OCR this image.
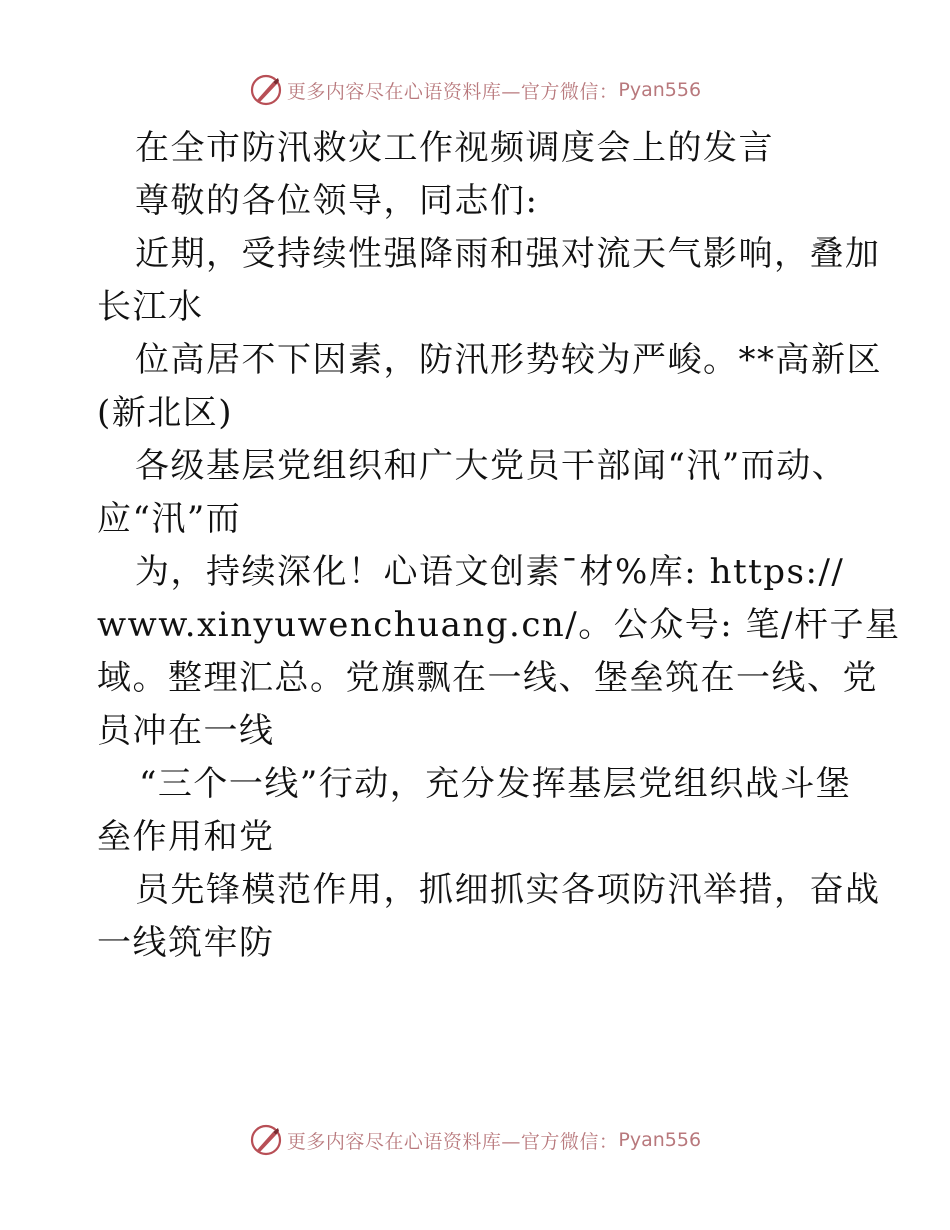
更多内容尽在心语资料库—官方微信： Pyan556
在全市防汛救灾工作视频调度会上的发言
尊敬的各位领导，同志们:
近期，受持续性强降雨和强对流天气影响，叠加
长江水
位高居不下因素，防汛形势较为严峻。**高新区
(新北区)
各级基层党组织和广大党员干部闻“汛”而动、
应“汛”而
为，持续深化！心语文创素¯材%库: https://
www.xinyuwenchuang.cn/。公众号: 笔/杆子星
域。整理汇总。党旗飘在一线、堡垒筑在一线、党
员冲在一线
“三个一线”行动，充分发挥基层党组织战斗堡
垒作用和党
员先锋模范作用，抓细抓实各项防汛举措，奋战
一线筑牢防
更多内容尽在心语资料库—官方微信： Pyan556
